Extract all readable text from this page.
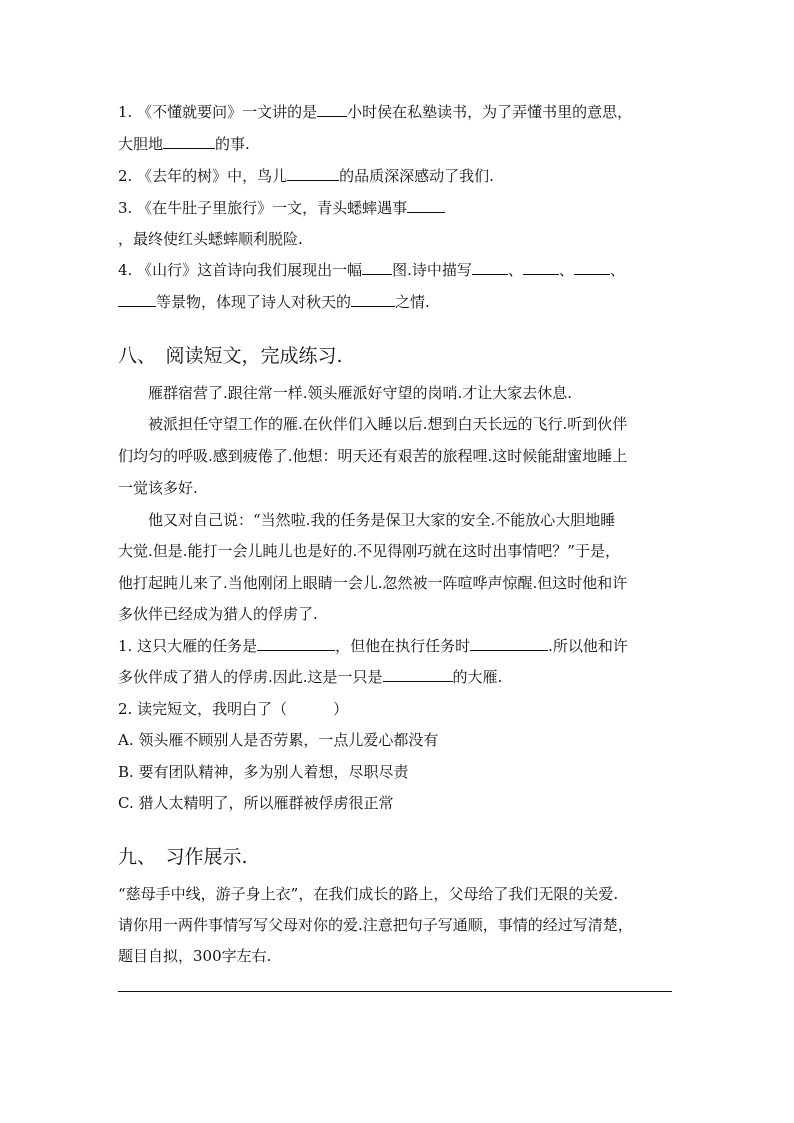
1. 《不懂就要问》一文讲的是 小时侯在私塾读书，为了弄懂书里的意思，
大胆地	的事.
2. 《去年的树》中，鸟儿	的品质深深感动了我们.
3. 《在牛肚子里旅行》一文，青头蟋蟀遇事
，最终使红头蟋蟀顺利脱险.
4. 《山行》这首诗向我们展现出一幅 图.诗中描写 、 、 、
等景物，体现了诗人对秋天的	之情.
八、　阅读短文，完成练习.
雁群宿营了.跟往常一样.领头雁派好守望的岗哨.才让大家去休息.
被派担任守望工作的雁.在伙伴们入睡以后.想到白天长远的飞行.听到伙伴
们均匀的呼吸.感到疲倦了.他想：明天还有艰苦的旅程哩.这时候能甜蜜地睡上
一觉该多好.
他又对自己说：“当然啦.我的任务是保卫大家的安全.不能放心大胆地睡
大觉.但是.能打一会儿盹儿也是好的.不见得刚巧就在这时出事情吧？”于是，
他打起盹儿来了.当他刚闭上眼睛一会儿.忽然被一阵喧哗声惊醒.但这时他和许
多伙伴已经成为猎人的俘虏了.
1. 这只大雁的任务是	，但他在执行任务时	.所以他和许
多伙伴成了猎人的俘虏.因此.这是一只是	的大雁.
2. 读完短文，我明白了（	）
A. 领头雁不顾别人是否劳累，一点儿爱心都没有
B. 要有团队精神，多为别人着想，尽职尽责
C. 猎人太精明了，所以雁群被俘虏很正常
九、　习作展示.
“慈母手中线，游子身上衣”，在我们成长的路上，父母给了我们无限的关爱.
请你用一两件事情写写父母对你的爱.注意把句子写通顺，事情的经过写清楚，
题目自拟，300字左右.
